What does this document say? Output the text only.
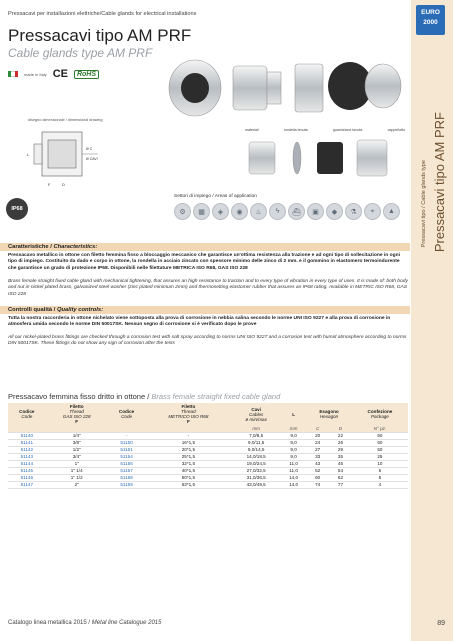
Pressacavi per installazioni elettriche/Cable glands for electrical installations	EURO
2000
Pressacavi tipo AM PRF
Pressacavi tipo / Cable glands type
Pressacavi tipo AM PRF
Cable glands type AM PRF
made in Italy CE	RoHS
disegno dimensionale / dimensional drawing
L
Ø C
Ø CAVI
F	D
materiali	rondella tenuta	guarnizione tenuta	cappellotto
IP68
Settori di impiego / Areas of application
⚙	▦	◈	◉	♨	ϟ	⛴	▣	◆	⚗	⌖	▲
Caratteristiche / Characteristics:
Pressacavo metallico in ottone con filetto femmina fisso a bloccaggio meccanico che garantisce un'ottima resistenza alla trazione e ad ogni tipo di sollecitazione in ogni tipo di impiego. Costituito da dado e corpo in ottone, la rondella in acciaio zincato con spessore minimo delle zinco di 2 mm. e il gommino in elastomero termoindurente che garantisce un grado di protezione IP68. Disponibili nelle filettature METRICA ISO R68, GAS ISO 228
Brass female straight fixed cable gland with mechanical tightening, that assures an high resistance to traction and to every type of vibration in every type of uses. It is made of: both body and nut in nickel plated brass, galvanized steel washer (zinc plated minimum 2mm) and thermosetting elastomer rubber that assures an IP68 rating. Available in METRIC ISO R68, GAS ISO 228
Controlli qualità / Quality controls:
Tutta la nostra raccorderia in ottone nichelato viene sottoposta alla prova di corrosione in nebbia salina secondo le norme UNI ISO 9227 e alla prova di corrosione in atmosfera umida secondo le norme DIN 50017SK. Nessun segno di corrosione si è verificato dopo le prove
All our nickel-plated brass fittings are checked through a corrosion test with salt spray according to norms UNI ISO 9227 and a corrosion test with humid atmosphere according to norms DIN 50017SK. These fittings do not show any sign of corrosion after the tests
Pressacavo femmina fisso dritto in ottone / Brass female straight fixed cable gland
Codice
Code	Filetto
Thread
GAS ISO 228
F	Codice
Code	Filetto
Thread
METRICO ISO R68
F	Cavi
Cables
ø min/max	L	Esagono
Hexagon		Confezione
Package

				mm	mm	C	D	N° pz.
51140	1/4"	-	-	7,0/8,5	9,0	20	22	50
51141	3/8"	51150	16*1,5	9,0/11,5	9,0	24	26	50
51142	1/2"	51151	20*1,5	9,0/14,5	9,0	27	29	50
51143	3/4"	51154	25*1,5	14,0/18,5	9,0	33	35	25
51144	1"	51156	32*1,5	19,0/24,5	11,0	43	45	10
51145	1" 1/4	51157	40*1,5	27,0/32,5	11,0	52	54	5
51146	1" 1/2	51158	50*1,5	31,0/36,5	14,0	60	62	5
51147	2"	51159	63*1,5	43,0/49,5	14,0	74	77	4
Catalogo linea metallica 2015 / Metal line Catalogue 2015	89
